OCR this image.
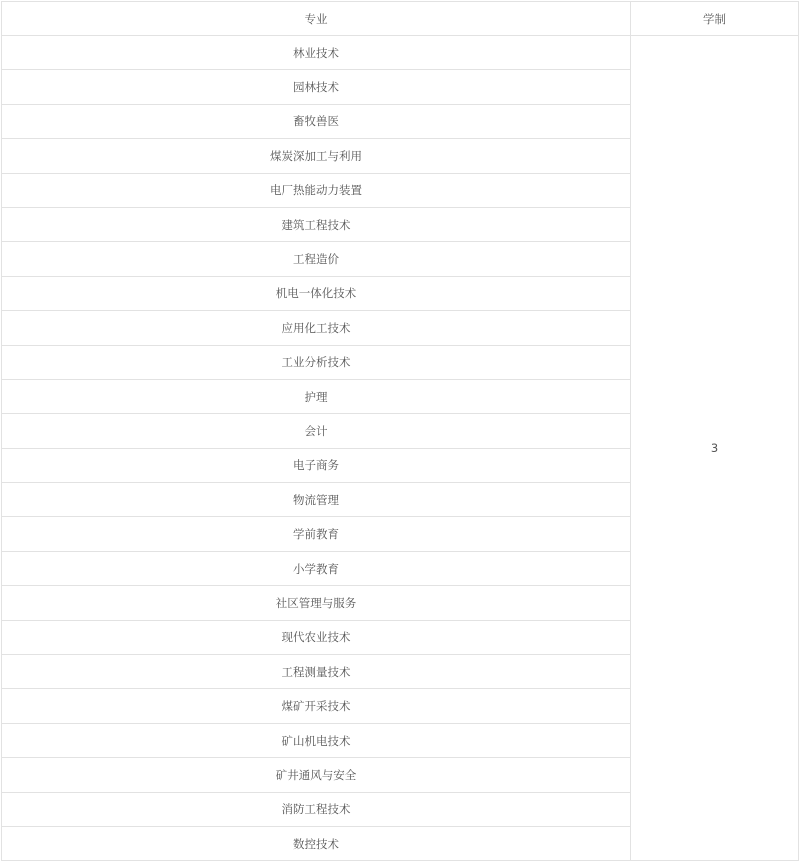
专业	学制
林业技术	3
园林技术	
畜牧兽医	
煤炭深加工与利用	
电厂热能动力装置	
建筑工程技术	
工程造价	
机电一体化技术	
应用化工技术	
工业分析技术	
护理	
会计	
电子商务	
物流管理	
学前教育	
小学教育	
社区管理与服务	
现代农业技术	
工程测量技术	
煤矿开采技术	
矿山机电技术	
矿井通风与安全	
消防工程技术	
数控技术	
